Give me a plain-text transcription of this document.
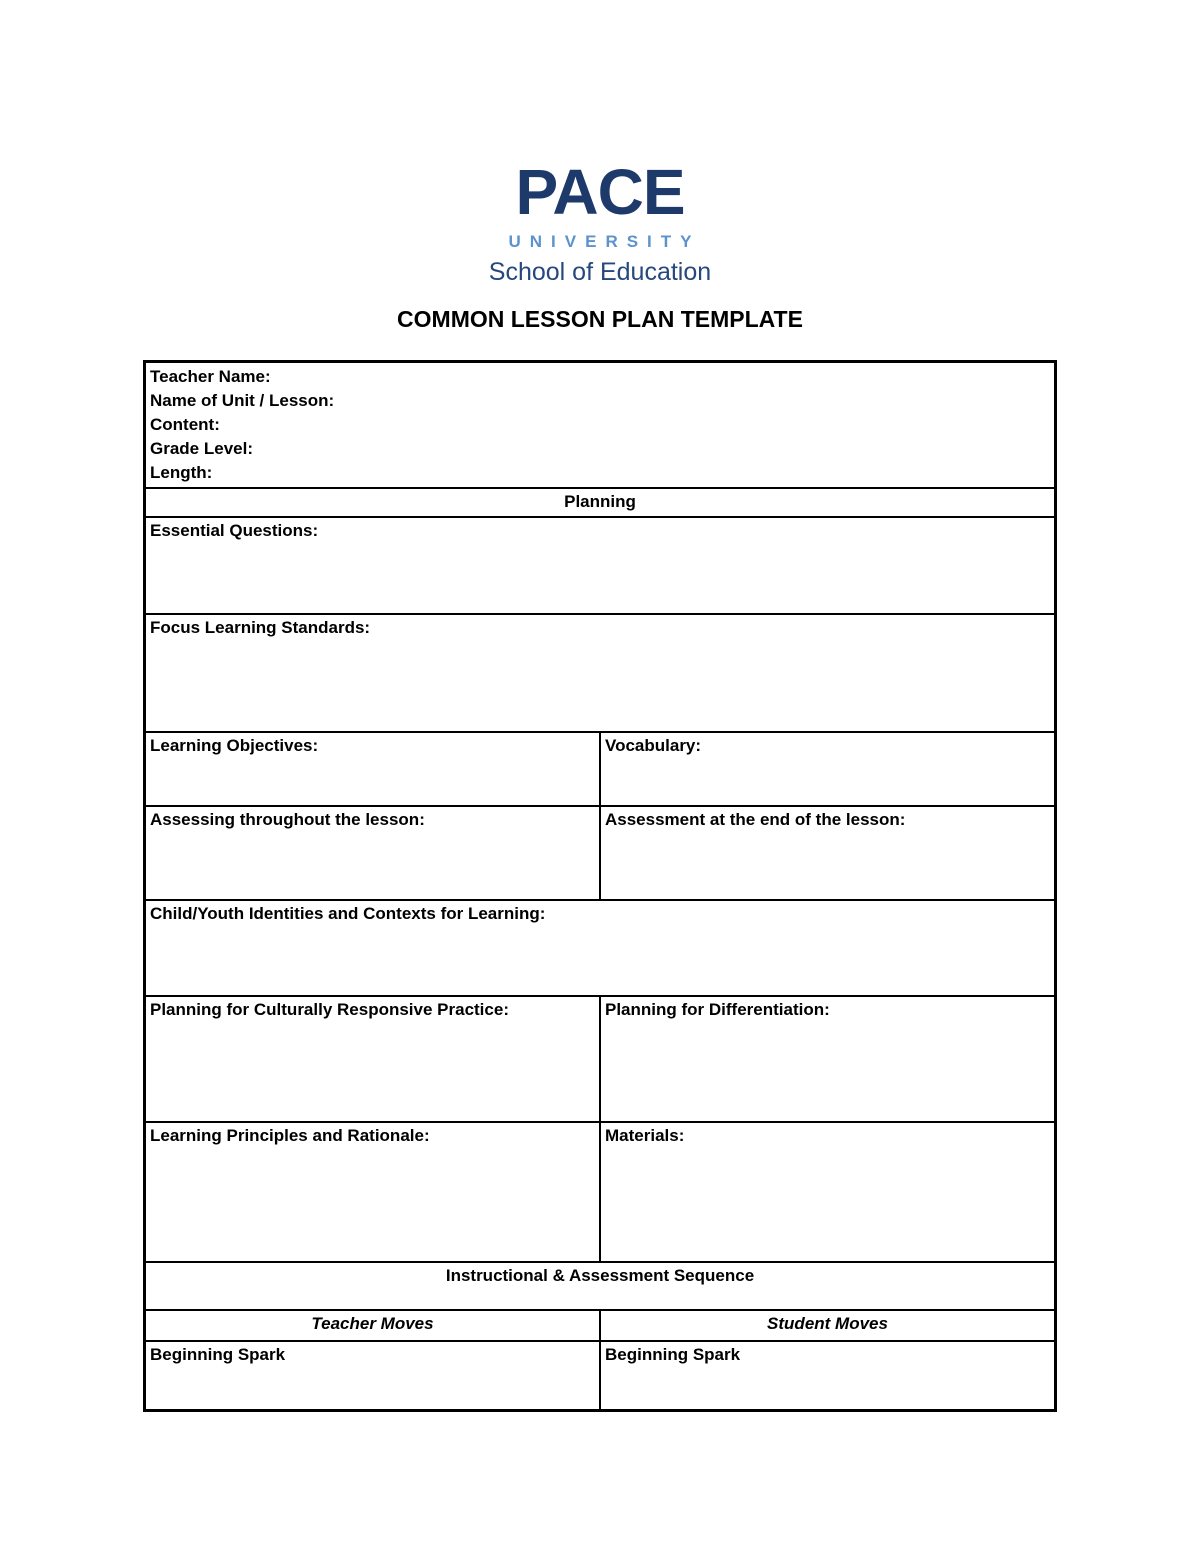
PACE
UNIVERSITY
School of Education
COMMON LESSON PLAN TEMPLATE
Teacher Name:
Name of Unit / Lesson:
Content:
Grade Level:
Length:	

Planning	
Essential Questions:	
Focus Learning Standards:	
Learning Objectives:	Vocabulary:
Assessing throughout the lesson:	Assessment at the end of the lesson:
Child/Youth Identities and Contexts for Learning:	
Planning for Culturally Responsive Practice:	Planning for Differentiation:
Learning Principles and Rationale:	Materials:
Instructional & Assessment Sequence	
Teacher Moves	Student Moves
Beginning Spark	Beginning Spark
